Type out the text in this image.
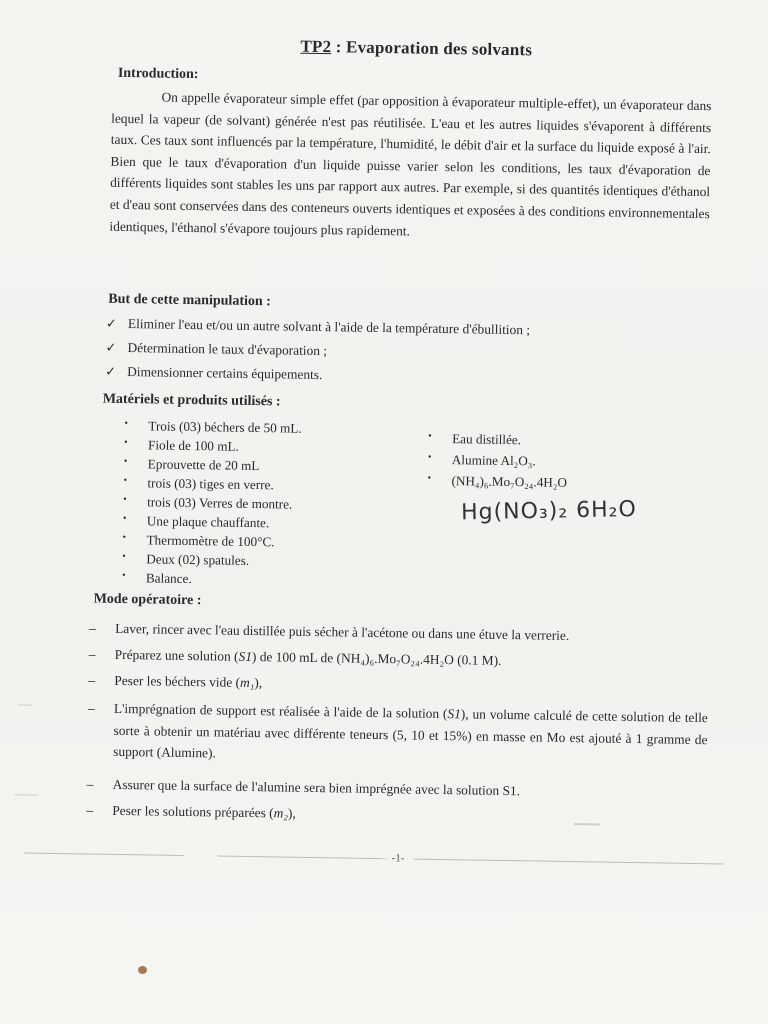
TP2 : Evaporation des solvants
Introduction:
On appelle évaporateur simple effet (par opposition à évaporateur multiple-effet), un évaporateur dans lequel la vapeur (de solvant) générée n'est pas réutilisée. L'eau et les autres liquides s'évaporent à différents taux. Ces taux sont influencés par la température, l'humidité, le débit d'air et la surface du liquide exposé à l'air. Bien que le taux d'évaporation d'un liquide puisse varier selon les conditions, les taux d'évaporation de différents liquides sont stables les uns par rapport aux autres. Par exemple, si des quantités identiques d'éthanol et d'eau sont conservées dans des conteneurs ouverts identiques et exposées à des conditions environnementales identiques, l'éthanol s'évapore toujours plus rapidement.
But de cette manipulation :
✓ Eliminer l'eau et/ou un autre solvant à l'aide de la température d'ébullition ;
✓ Détermination le taux d'évaporation ;
✓ Dimensionner certains équipements.
Matériels et produits utilisés :
• Trois (03) béchers de 50 mL.
• Fiole de 100 mL.
• Eprouvette de 20 mL
• trois (03) tiges en verre.
• trois (03) Verres de montre.
• Une plaque chauffante.
• Thermomètre de 100°C.
• Deux (02) spatules.
• Balance.
• Eau distillée.
• Alumine Al₂O₃.
• (NH₄)₆.Mo₇O₂₄.4H₂O
Hg(NO₃)₂ 6H₂O
Mode opératoire :
– Laver, rincer avec l'eau distillée puis sécher à l'acétone ou dans une étuve la verrerie.
– Préparez une solution (S1) de 100 mL de (NH₄)₆.Mo₇O₂₄.4H₂O (0.1 M).
– Peser les béchers vide (m₁),
– L'imprégnation de support est réalisée à l'aide de la solution (S1), un volume calculé de cette solution de telle sorte à obtenir un matériau avec différente teneurs (5, 10 et 15%) en masse en Mo est ajouté à 1 gramme de support (Alumine).
– Assurer que la surface de l'alumine sera bien imprégnée avec la solution S1.
– Peser les solutions préparées (m₂),
-1-
